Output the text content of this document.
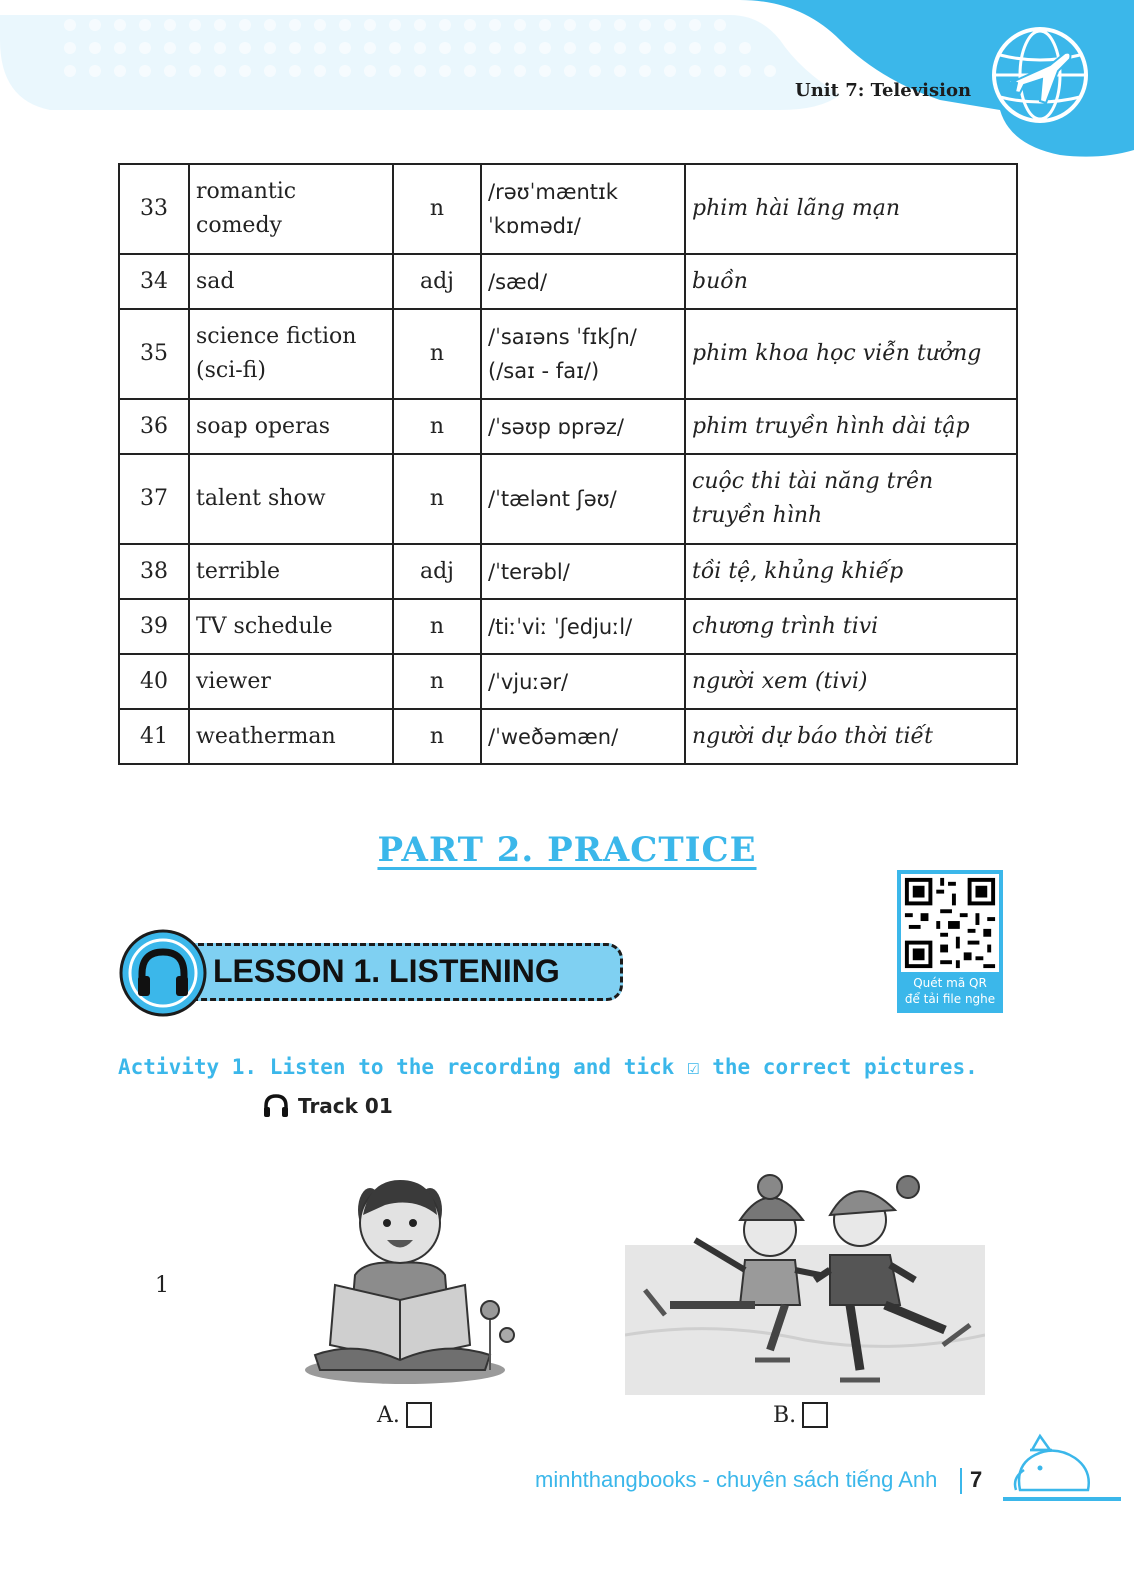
Unit 7: Television
33	romantic comedy	n	/rəʊˈmæntɪk ˈkɒmədɪ/	phim hài lãng mạn
34	sad	adj	/sæd/	buồn
35	science fiction (sci-fi)	n	/ˈsaɪəns ˈfɪkʃn/ (/saɪ - faɪ/)	phim khoa học viễn tưởng
36	soap operas	n	/ˈsəʊp ɒprəz/	phim truyền hình dài tập
37	talent show	n	/ˈtælənt ʃəʊ/	cuộc thi tài năng trên truyền hình
38	terrible	adj	/ˈterəbl/	tồi tệ, khủng khiếp
39	TV schedule	n	/tiːˈviː ˈʃedjuːl/	chương trình tivi
40	viewer	n	/ˈvjuːər/	người xem (tivi)
41	weatherman	n	/ˈweðəmæn/	người dự báo thời tiết
PART 2. PRACTICE
LESSON 1. LISTENING	Quét mã QR
để tải file nghe
Activity 1. Listen to the recording and tick ☑ the correct pictures.
Track 01
1
A.	B.
minhthangbooks - chuyên sách tiếng Anh 7
